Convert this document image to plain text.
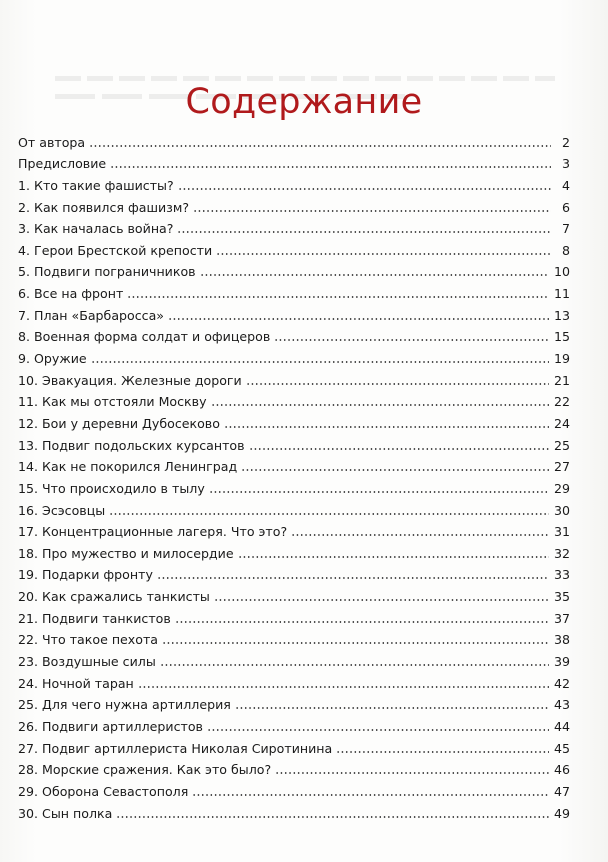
Содержание
От автора	2
Предисловие	3
1. Кто такие фашисты?	4
2. Как появился фашизм?	6
3. Как началась война?	7
4. Герои Брестской крепости	8
5. Подвиги пограничников	10
6. Все на фронт	11
7. План «Барбаросса»	13
8. Военная форма солдат и офицеров	15
9. Оружие	19
10. Эвакуация. Железные дороги	21
11. Как мы отстояли Москву	22
12. Бои у деревни Дубосеково	24
13. Подвиг подольских курсантов	25
14. Как не покорился Ленинград	27
15. Что происходило в тылу	29
16. Эсэсовцы	30
17. Концентрационные лагеря. Что это?	31
18. Про мужество и милосердие	32
19. Подарки фронту	33
20. Как сражались танкисты	35
21. Подвиги танкистов	37
22. Что такое пехота	38
23. Воздушные силы	39
24. Ночной таран	42
25. Для чего нужна артиллерия	43
26. Подвиги артиллеристов	44
27. Подвиг артиллериста Николая Сиротинина	45
28. Морские сражения. Как это было?	46
29. Оборона Севастополя	47
30. Сын полка	49
